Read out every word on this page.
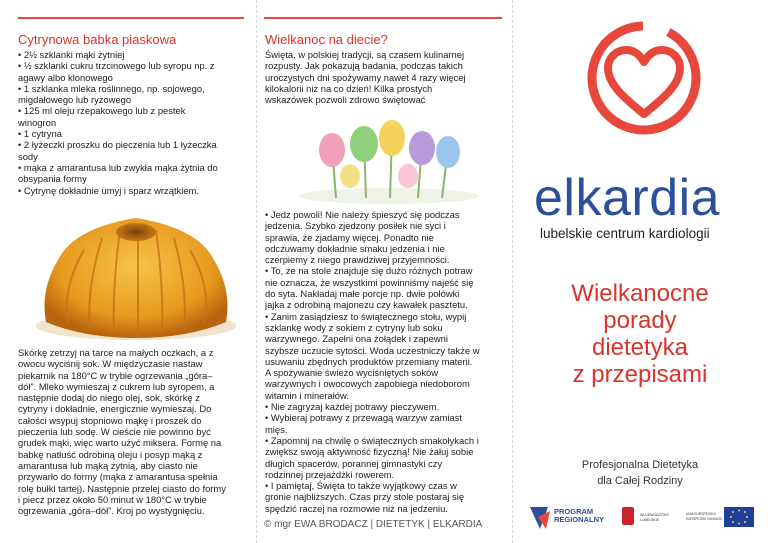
Cytrynowa babka piaskowa
• 2½ szklanki mąki żytniej
• ½ szklanki cukru trzcinowego lub syropu np. z
agawy albo klonowego
• 1 szklanka mleka roślinnego, np. sojowego,
migdałowego lub ryżowego
• 125 ml oleju rzepakowego lub z pestek
winogron
• 1 cytryna
• 2 łyżeczki proszku do pieczenia lub 1 łyżeczka
sody
• mąka z amarantusa lub zwykła mąka żytnia do
obsypania formy
• Cytrynę dokładnie umyj i sparz wrzątkiem.
Skórkę zetrzyj na tarce na małych oczkach, a z
owocu wyciśnij sok. W międzyczasie nastaw
piekarnik na 180°C w trybie ogrzewania „góra–
dół”. Mleko wymieszaj z cukrem lub syropem, a
następnie dodaj do niego olej, sok, skórkę z
cytryny i dokładnie, energicznie wymieszaj. Do
całości wsypuj stopniowo mąkę i proszek do
pieczenia lub sodę. W cieście nie powinno być
grudek mąki, więc warto użyć miksera. Formę na
babkę natłuść odrobiną oleju i posyp mąką z
amarantusa lub mąką żytnią, aby ciasto nie
przywarło do formy (mąka z amarantusa spełnia
rolę bułki tartej). Następnie przelej ciasto do formy
i piecz przez około 50 minut w 180°C w trybie
ogrzewania „góra–dół”. Kroj po wystygnięciu.
Wielkanoc na diecie?
Święta, w polskiej tradycji, są czasem kulinarnej
rozpusty. Jak pokazują badania, podczas takich
uroczystych dni spożywamy nawet 4 razy więcej
kilokalorii niż na co dzień! Kilka prostych
wskazówek pozwoli zdrowo świętować
• Jedz powoli! Nie należy śpieszyć się podczas
jedzenia. Szybko zjedzony posiłek nie syci i
sprawia, że zjadamy więcej. Ponadto nie
odczuwamy dokładnie smaku jedzenia i nie
czerpiemy z niego prawdziwej przyjemności.
• To, że na stole znajduje się dużo różnych potraw
nie oznacza, że wszystkimi powinniśmy najeść się
do syta. Nakładaj małe porcje np. dwie połówki
jajka z odrobiną majonezu czy kawałek pasztetu.
• Zanim zasiądziesz to świątecznego stołu, wypij
szklankę wody z sokiem z cytryny lub soku
warzywnego. Zapełni ona żołądek i zapewni
szybsze uczucie sytości. Woda uczestniczy także w
usuwaniu zbędnych produktów przemiany materii.
A spożywanie świeżo wyciśniętych soków
warzywnych i owocowych zapobiega niedoborom
witamin i minerałów.
• Nie zagryzaj każdej potrawy pieczywem.
• Wybieraj potrawy z przewagą warzyw zamiast
mięs.
• Zapomnij na chwilę o świątecznych smakołykach i
zwiększ swoją aktywność fizyczną! Nie żałuj sobie
długich spacerów, porannej gimnastyki czy
rodzinnej przejażdżki rowerem.
• I pamiętaj, Święta to także wyjątkowy czas w
gronie najbliższych. Czas przy stole postaraj się
spędzić raczej na rozmowie niż na jedzeniu.
© mgr EWA BRODACZ | DIETETYK | ELKARDIA
elkardia
lubelskie centrum kardiologii
Wielkanocne
porady
dietetyka
z przepisami
Profesjonalna Dietetyka
dla Całej Rodziny
WOJEWÓDZTWO
LUBELSKIE
UNIA EUROPEJSKA
EUROPEJSKI FUNDUSZ
PROGRAM
REGIONALNY
